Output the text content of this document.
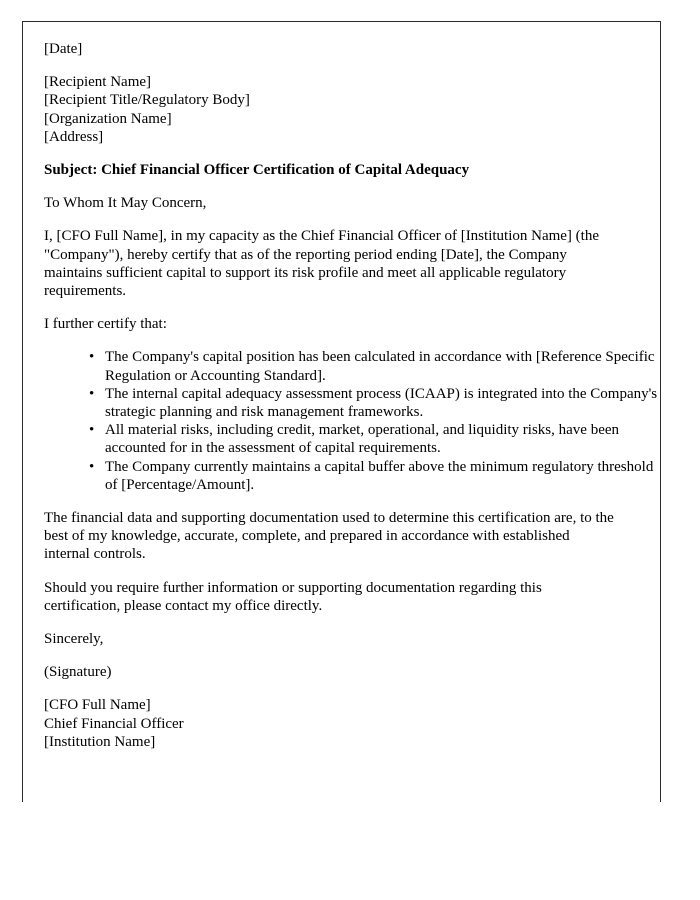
[Date]
[Recipient Name]
[Recipient Title/Regulatory Body]
[Organization Name]
[Address]
Subject: Chief Financial Officer Certification of Capital Adequacy
To Whom It May Concern,

I, [CFO Full Name], in my capacity as the Chief Financial Officer of [Institution Name] (the "Company"), hereby certify that as of the reporting period ending [Date], the Company maintains sufficient capital to support its risk profile and meet all applicable regulatory requirements.

I further certify that:

• The Company's capital position has been calculated in accordance with [Reference Specific Regulation or Accounting Standard].
• The internal capital adequacy assessment process (ICAAP) is integrated into the Company's strategic planning and risk management frameworks.
• All material risks, including credit, market, operational, and liquidity risks, have been accounted for in the assessment of capital requirements.
• The Company currently maintains a capital buffer above the minimum regulatory threshold of [Percentage/Amount].

The financial data and supporting documentation used to determine this certification are, to the best of my knowledge, accurate, complete, and prepared in accordance with established internal controls.

Should you require further information or supporting documentation regarding this certification, please contact my office directly.

Sincerely,
(Signature)
[CFO Full Name]
Chief Financial Officer
[Institution Name]
